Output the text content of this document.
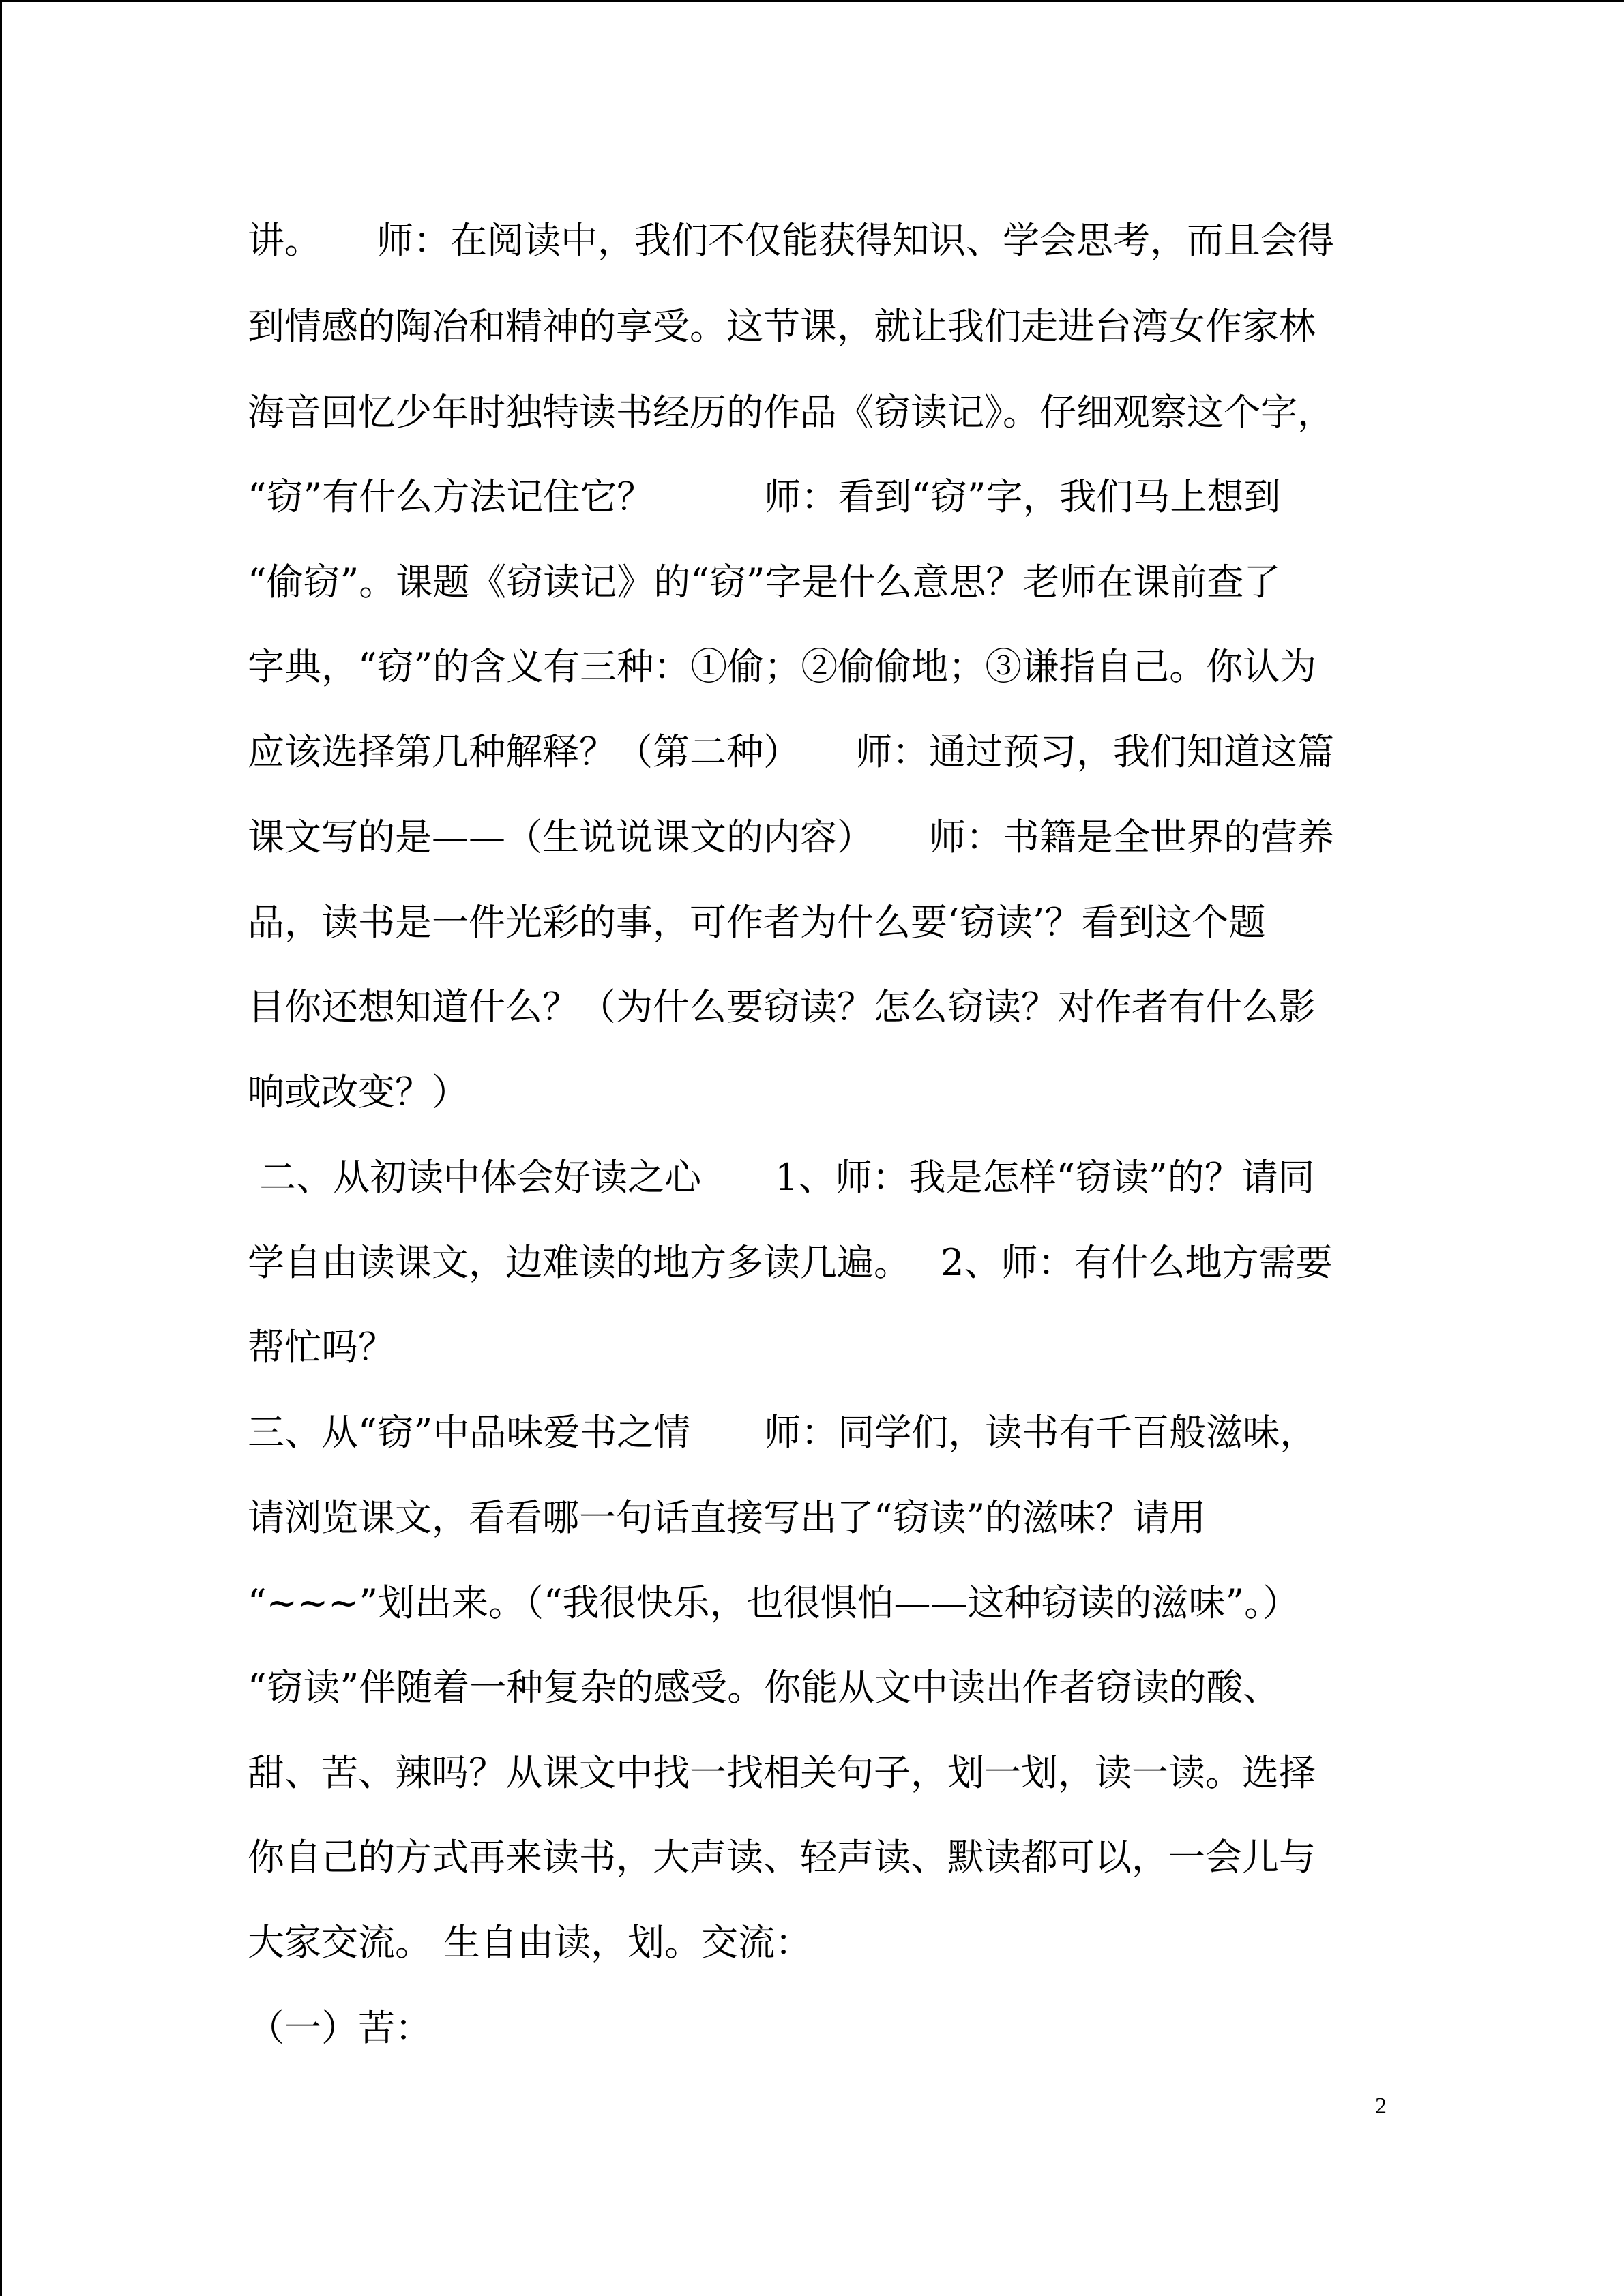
讲。　　师：在阅读中，我们不仅能获得知识、学会思考，而且会得

到情感的陶冶和精神的享受。这节课，就让我们走进台湾女作家林

海音回忆少年时独特读书经历的作品《窃读记》。仔细观察这个字，

“窃”有什么方法记住它？　　　师：看到“窃”字，我们马上想到

“偷窃”。课题《窃读记》的“窃”字是什么意思？老师在课前查了

字典，“窃”的含义有三种：①偷；②偷偷地；③谦指自己。你认为

应该选择第几种解释？（第二种）　　师：通过预习，我们知道这篇

课文写的是——（生说说课文的内容）　　师：书籍是全世界的营养

品，读书是一件光彩的事，可作者为什么要‘窃读’？看到这个题

目你还想知道什么？（为什么要窃读？怎么窃读？对作者有什么影

响或改变？）

二、从初读中体会好读之心　　1、师：我是怎样“窃读”的？请同

学自由读课文，边难读的地方多读几遍。　 2、师：有什么地方需要

帮忙吗？

三、从“窃”中品味爱书之情　　师：同学们，读书有千百般滋味，

请浏览课文，看看哪一句话直接写出了“窃读”的滋味？请用

“~~~”划出来。（“我很快乐，也很惧怕——这种窃读的滋味”。）

“窃读”伴随着一种复杂的感受。你能从文中读出作者窃读的酸、

甜、苦、辣吗？从课文中找一找相关句子，划一划，读一读。选择

你自己的方式再来读书，大声读、轻声读、默读都可以，一会儿与

大家交流。 生自由读，划。交流：

（一）苦：

2
